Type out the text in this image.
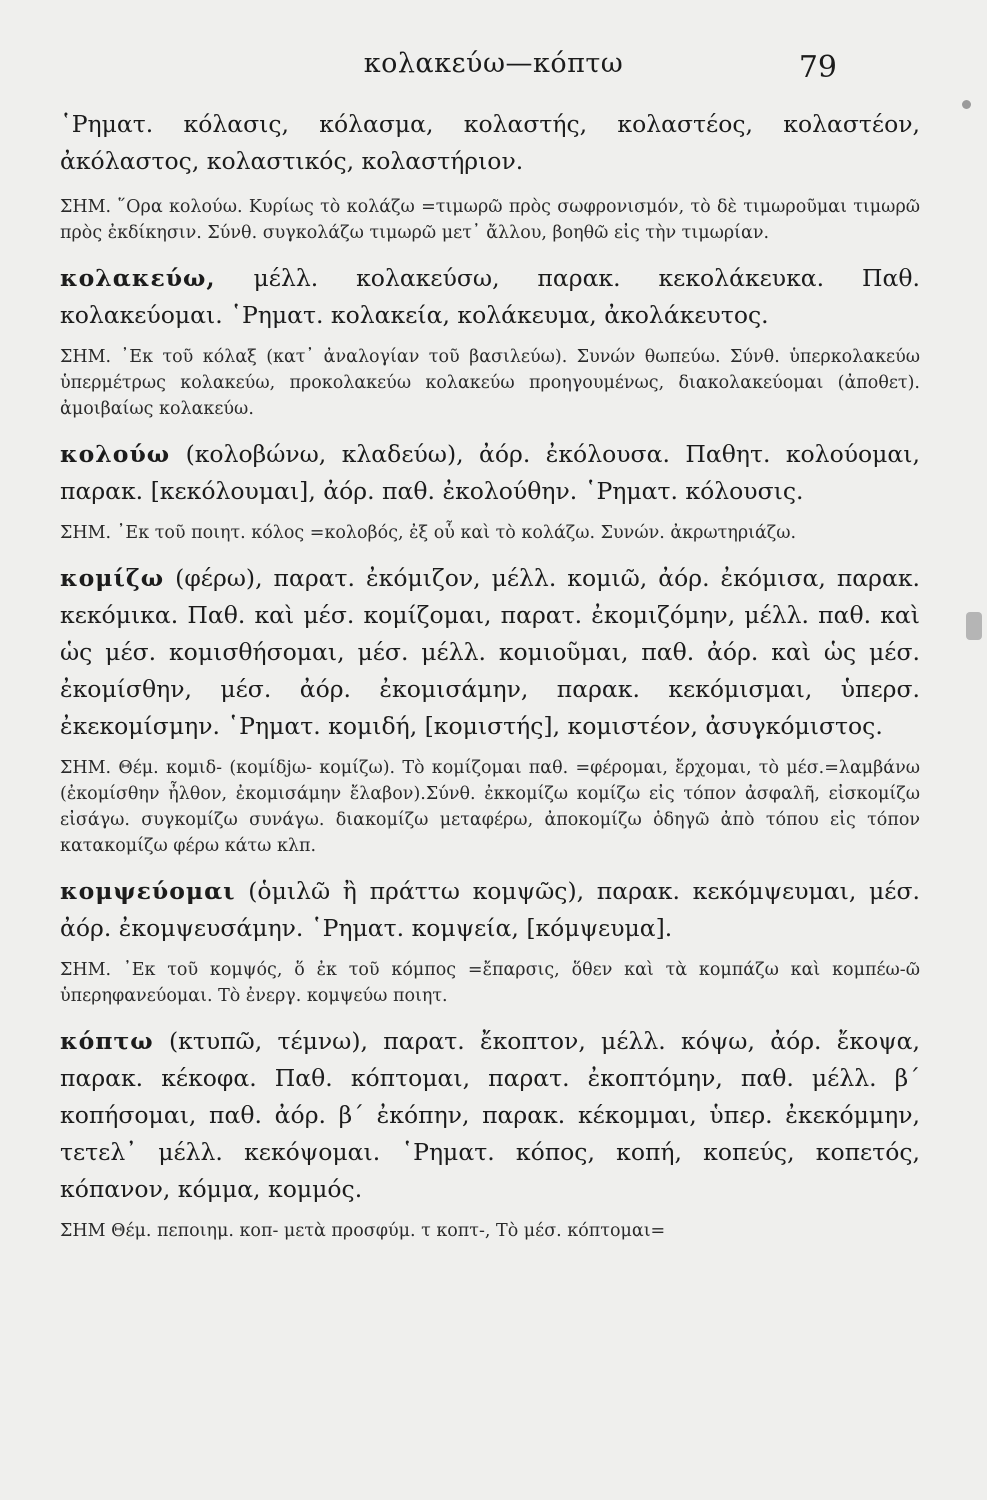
κολακεύω—κόπτω	79

῾Ρηματ. κόλασις, κόλασμα, κολαστής, κολαστέος, κολαστέον, ἀκόλαστος, κολαστικός, κολαστήριον.

ΣΗΜ. ῞Ορα κολούω. Κυρίως τὸ κολάζω =τιμωρῶ πρὸς σωφρονισμόν, τὸ δὲ τιμωροῦμαι τιμωρῶ πρὸς ἐκδίκησιν. Σύνθ. συγκολάζω τιμωρῶ μετ᾽ ἄλλου, βοηθῶ εἰς τὴν τιμωρίαν.

κολακεύω, μέλλ. κολακεύσω, παρακ. κεκολάκευκα. Παθ. κολακεύομαι. ῾Ρηματ. κολακεία, κολάκευμα, ἀκολάκευτος.

ΣΗΜ. ᾿Εκ τοῦ κόλαξ (κατ᾽ ἀναλογίαν τοῦ βασιλεύω). Συνών θωπεύω. Σύνθ. ὑπερκολακεύω ὑπερμέτρως κολακεύω, προκολακεύω κολακεύω προηγουμένως, διακολακεύομαι (ἀποθετ). ἀμοιβαίως κολακεύω.

κολούω (κολοβώνω, κλαδεύω), ἀόρ. ἐκόλουσα. Παθητ. κολούομαι, παρακ. [κεκόλουμαι], ἀόρ. παθ. ἐκολούθην. ῾Ρηματ. κόλουσις.

ΣΗΜ. ᾿Εκ τοῦ ποιητ. κόλος =κολοβός, ἐξ οὗ καὶ τὸ κολάζω. Συνών. ἀκρωτηριάζω.

κομίζω (φέρω), παρατ. ἐκόμιζον, μέλλ. κομιῶ, ἀόρ. ἐκόμισα, παρακ. κεκόμικα. Παθ. καὶ μέσ. κομίζομαι, παρατ. ἐκομιζόμην, μέλλ. παθ. καὶ ὡς μέσ. κομισθήσομαι, μέσ. μέλλ. κομιοῦμαι, παθ. ἀόρ. καὶ ὡς μέσ. ἐκομίσθην, μέσ. ἀόρ. ἐκομισάμην, παρακ. κεκόμισμαι, ὑπερσ. ἐκεκομίσμην. ῾Ρηματ. κομιδή, [κομιστής], κομιστέον, ἀσυγκόμιστος.

ΣΗΜ. Θέμ. κομιδ- (κομίδjω- κομίζω). Τὸ κομίζομαι παθ. =φέρομαι, ἔρχομαι, τὸ μέσ.=λαμβάνω (ἐκομίσθην ἦλθον, ἐκομισάμην ἔλαβον).Σύνθ. ἐκκομίζω κομίζω εἰς τόπον ἀσφαλῆ, εἰσκομίζω εἰσάγω. συγκομίζω συνάγω. διακομίζω μεταφέρω, ἀποκομίζω ὁδηγῶ ἀπὸ τόπου εἰς τόπον κατακομίζω φέρω κάτω κλπ.

κομψεύομαι (ὁμιλῶ ἢ πράττω κομψῶς), παρακ. κεκόμψευμαι, μέσ. ἀόρ. ἐκομψευσάμην. ῾Ρηματ. κομψεία, [κόμψευμα].

ΣΗΜ. ᾿Εκ τοῦ κομψός, ὅ ἐκ τοῦ κόμπος =ἔπαρσις, ὅθεν καὶ τὰ κομπάζω καὶ κομπέω-ῶ ὑπερηφανεύομαι. Τὸ ἐνεργ. κομψεύω ποιητ.

κόπτω (κτυπῶ, τέμνω), παρατ. ἔκοπτον, μέλλ. κόψω, ἀόρ. ἔκοψα, παρακ. κέκοφα. Παθ. κόπτομαι, παρατ. ἐκοπτόμην, παθ. μέλλ. β´ κοπήσομαι, παθ. ἀόρ. β´ ἐκόπην, παρακ. κέκομμαι, ὑπερ. ἐκεκόμμην, τετελ᾽ μέλλ. κεκόψομαι. ῾Ρηματ. κόπος, κοπή, κοπεύς, κοπετός, κόπανον, κόμμα, κομμός.

ΣΗΜ Θέμ. πεποιημ. κοπ- μετὰ προσφύμ. τ κοπτ-, Τὸ μέσ. κόπτομαι=
